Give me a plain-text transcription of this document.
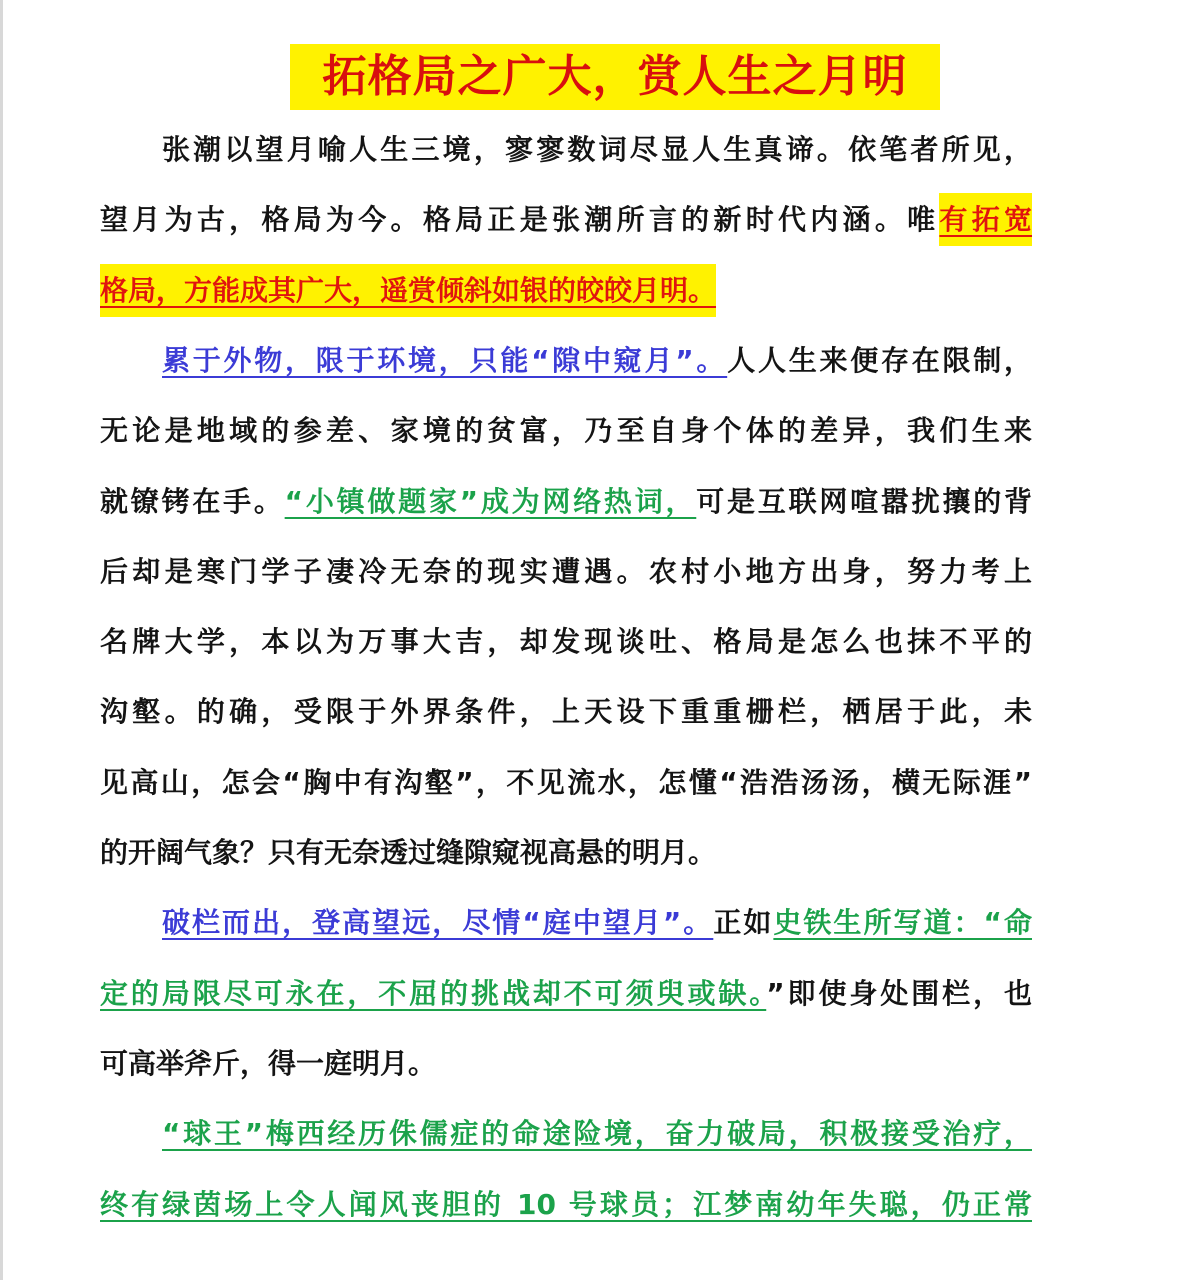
拓格局之广大，赏人生之月明
张潮以望月喻人生三境，寥寥数词尽显人生真谛。依笔者所见，
望月为古，格局为今。格局正是张潮所言的新时代内涵。唯有拓宽
格局，方能成其广大，遥赏倾斜如银的皎皎月明。
累于外物，限于环境，只能“隙中窥月”。人人生来便存在限制，
无论是地域的参差、家境的贫富，乃至自身个体的差异，我们生来
就镣铐在手。“小镇做题家”成为网络热词，可是互联网喧嚣扰攘的背
后却是寒门学子凄冷无奈的现实遭遇。农村小地方出身，努力考上
名牌大学，本以为万事大吉，却发现谈吐、格局是怎么也抹不平的
沟壑。的确，受限于外界条件，上天设下重重栅栏，栖居于此，未
见高山，怎会“胸中有沟壑”，不见流水，怎懂“浩浩汤汤，横无际涯”
的开阔气象？只有无奈透过缝隙窥视高悬的明月。
破栏而出，登高望远，尽情“庭中望月”。正如史铁生所写道：“命
定的局限尽可永在，不屈的挑战却不可须臾或缺。”即使身处围栏，也
可高举斧斤，得一庭明月。
“球王”梅西经历侏儒症的命途险境，奋力破局，积极接受治疗，
终有绿茵场上令人闻风丧胆的 10 号球员；江梦南幼年失聪，仍正常
